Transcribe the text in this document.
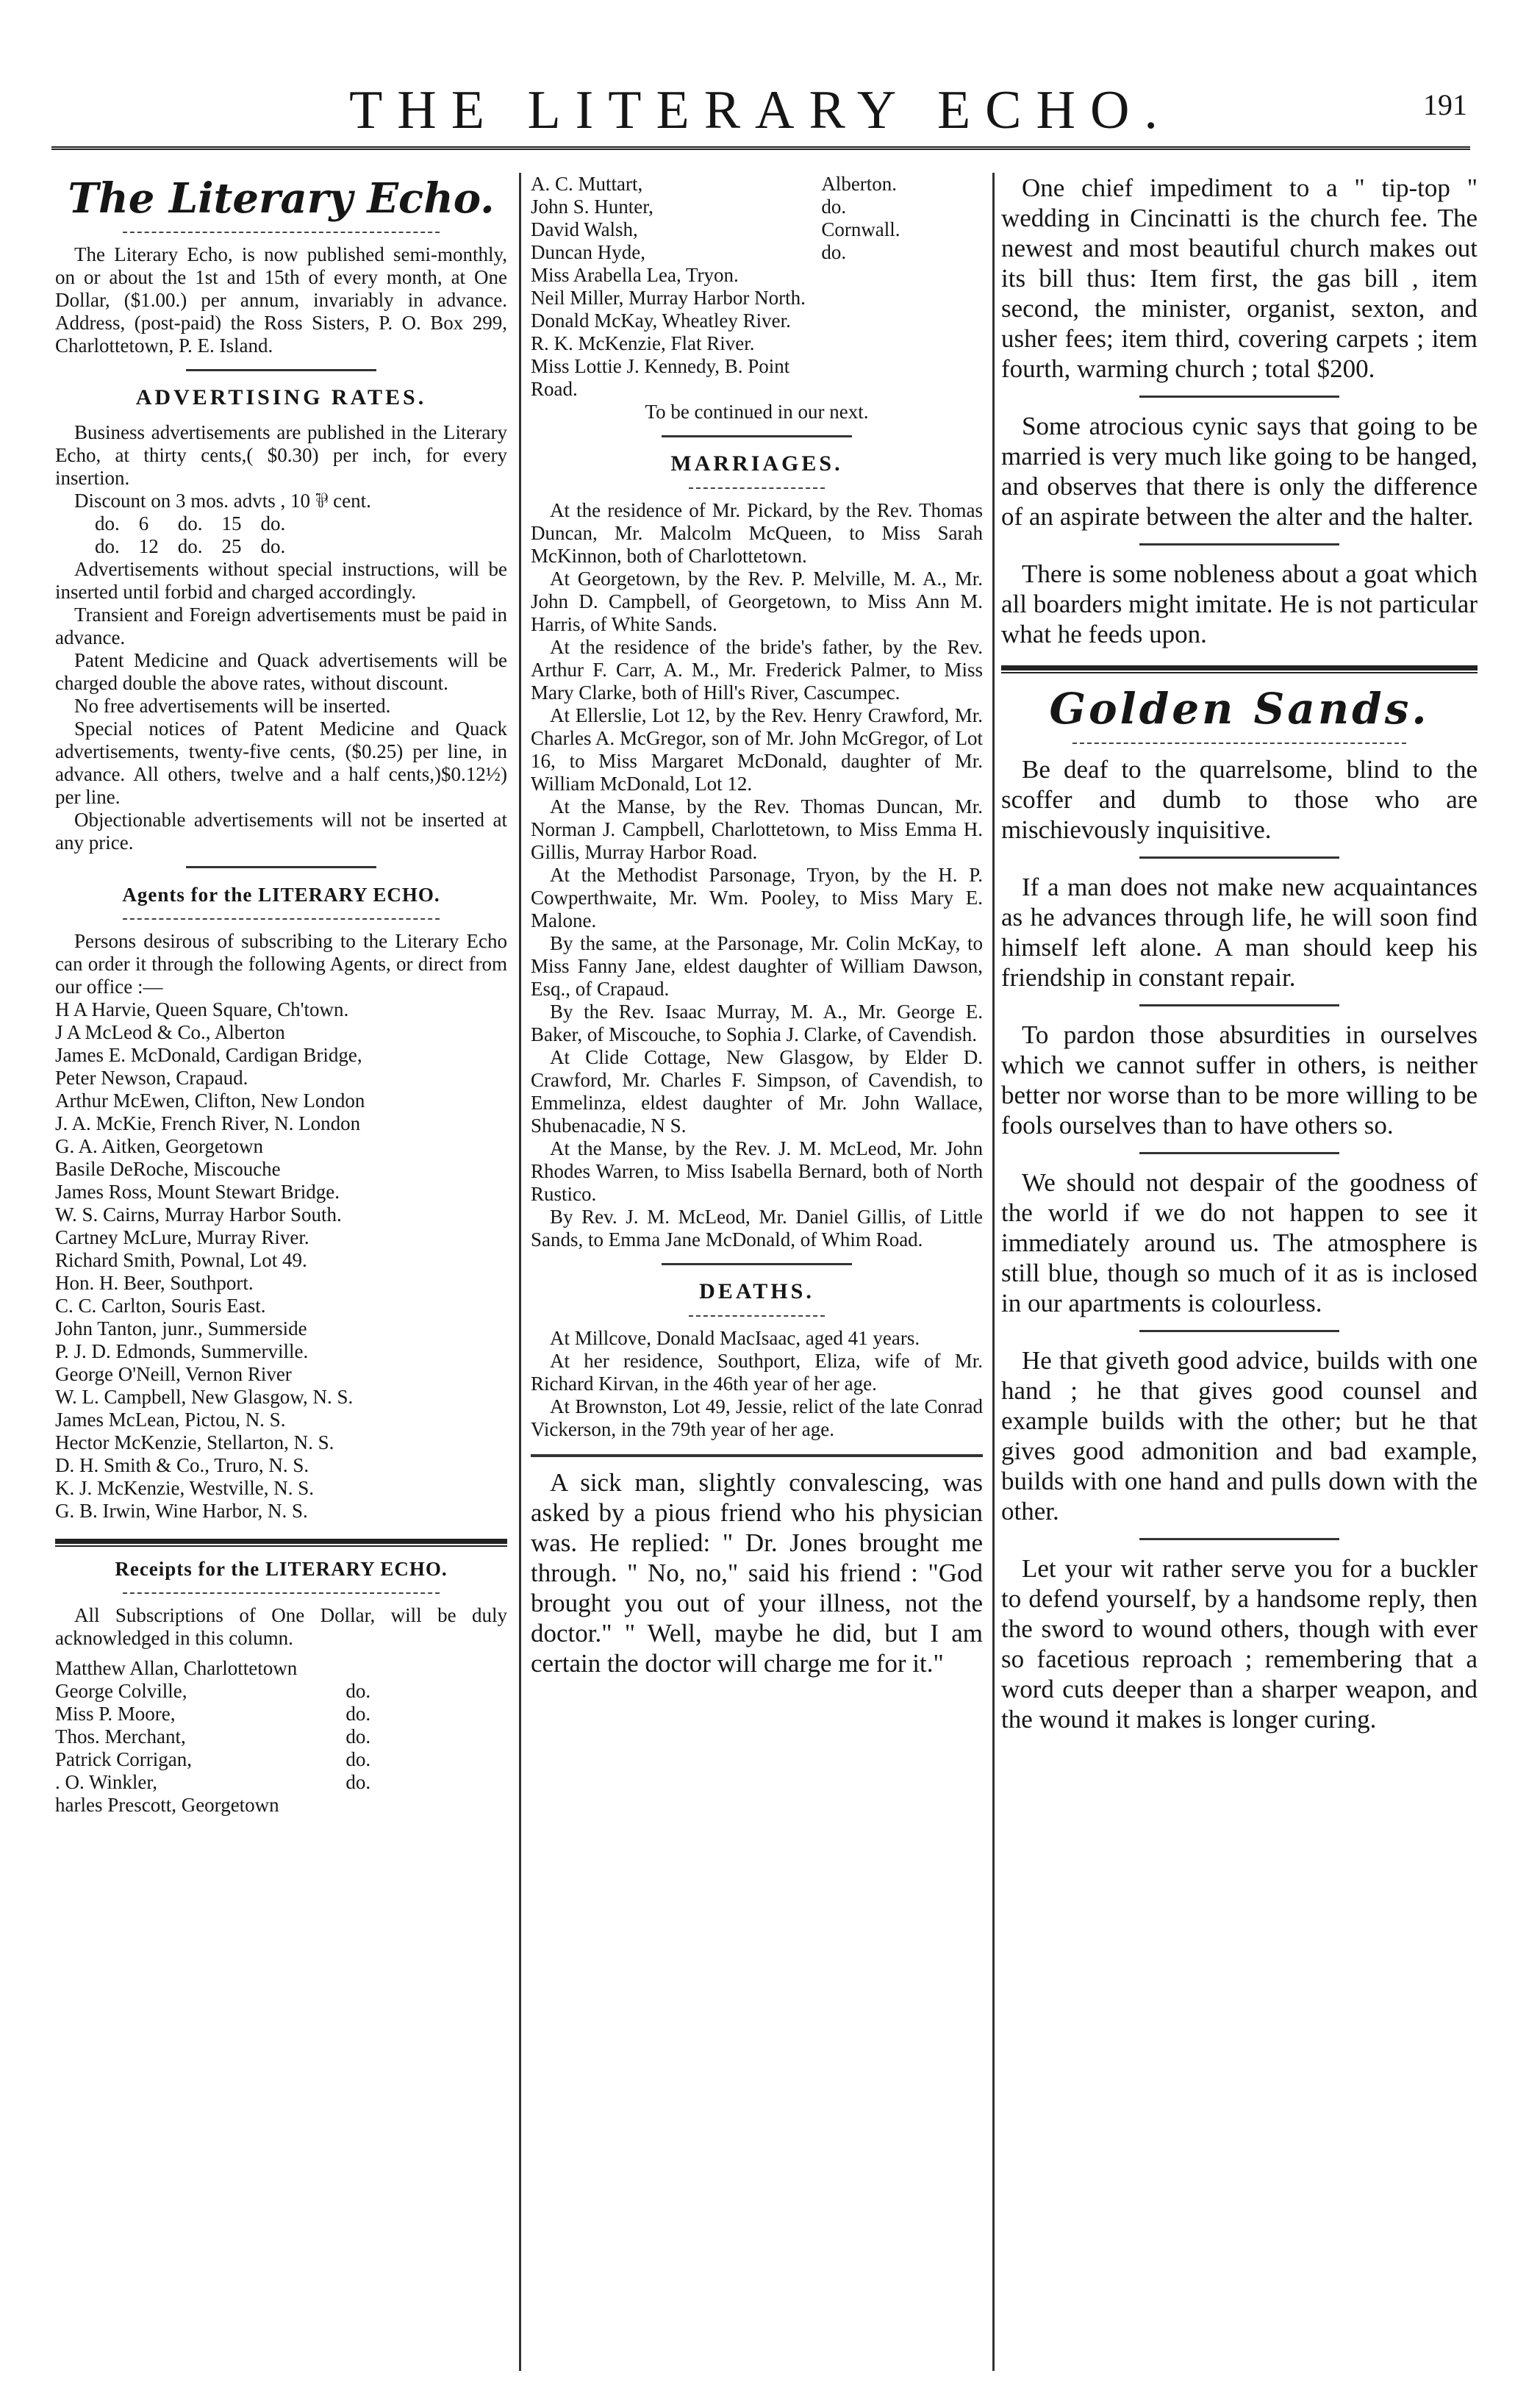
THE LITERARY ECHO.	191
The Literary Echo.

The Literary Echo, is now published semi-monthly, on or about the 1st and 15th of every month, at One Dollar, ($1.00.) per annum, invariably in advance. Address, (post-paid) the Ross Sisters, P. O. Box 299, Charlottetown, P. E. Island.

ADVERTISING RATES.

Business advertisements are published in the Literary Echo, at thirty cents,( $0.30) per inch, for every insertion.

Discount on 3 mos. advts , 10 ⅌ cent.

do.	6	do.	15	do.
do.	12	do.	25	do.

Advertisements without special instructions, will be inserted until forbid and charged accordingly.

Transient and Foreign advertisements must be paid in advance.

Patent Medicine and Quack advertisements will be charged double the above rates, without discount.

No free advertisements will be inserted.

Special notices of Patent Medicine and Quack advertisements, twenty-five cents, ($0.25) per line, in advance. All others, twelve and a half cents,)$0.12½) per line.

Objectionable advertisements will not be inserted at any price.

Agents for the LITERARY ECHO.

Persons desirous of subscribing to the Literary Echo can order it through the following Agents, or direct from our office :—

H A Harvie, Queen Square, Ch'town.
J A McLeod & Co., Alberton
James E. McDonald, Cardigan Bridge,
Peter Newson, Crapaud.
Arthur McEwen, Clifton, New London
J. A. McKie, French River, N. London
G. A. Aitken, Georgetown
Basile DeRoche, Miscouche
James Ross, Mount Stewart Bridge.
W. S. Cairns, Murray Harbor South.
Cartney McLure, Murray River.
Richard Smith, Pownal, Lot 49.
Hon. H. Beer, Southport.
C. C. Carlton, Souris East.
John Tanton, junr., Summerside
P. J. D. Edmonds, Summerville.
George O'Neill, Vernon River
W. L. Campbell, New Glasgow, N. S.
James McLean, Pictou, N. S.
Hector McKenzie, Stellarton, N. S.
D. H. Smith & Co., Truro, N. S.
K. J. McKenzie, Westville, N. S.
G. B. Irwin, Wine Harbor, N. S.
Receipts for the LITERARY ECHO.

All Subscriptions of One Dollar, will be duly acknowledged in this column.

Matthew Allan, Charlottetown
George Colville,	do.
Miss P. Moore,	do.
Thos. Merchant,	do.
Patrick Corrigan,	do.
. O. Winkler,	do.
harles Prescott, Georgetown
A. C. Muttart,	Alberton.
John S. Hunter,	do.
David Walsh,	Cornwall.
Duncan Hyde,	do.
Miss Arabella Lea, Tryon.
Neil Miller, Murray Harbor North.
Donald McKay, Wheatley River.
R. K. McKenzie, Flat River.
Miss Lottie J. Kennedy, B. Point Road.

To be continued in our next.

MARRIAGES.

At the residence of Mr. Pickard, by the Rev. Thomas Duncan, Mr. Malcolm McQueen, to Miss Sarah McKinnon, both of Charlottetown.

At Georgetown, by the Rev. P. Melville, M. A., Mr. John D. Campbell, of Georgetown, to Miss Ann M. Harris, of White Sands.

At the residence of the bride's father, by the Rev. Arthur F. Carr, A. M., Mr. Frederick Palmer, to Miss Mary Clarke, both of Hill's River, Cascumpec.

At Ellerslie, Lot 12, by the Rev. Henry Crawford, Mr. Charles A. McGregor, son of Mr. John McGregor, of Lot 16, to Miss Margaret McDonald, daughter of Mr. William McDonald, Lot 12.

At the Manse, by the Rev. Thomas Duncan, Mr. Norman J. Campbell, Charlottetown, to Miss Emma H. Gillis, Murray Harbor Road.

At the Methodist Parsonage, Tryon, by the H. P. Cowperthwaite, Mr. Wm. Pooley, to Miss Mary E. Malone.

By the same, at the Parsonage, Mr. Colin McKay, to Miss Fanny Jane, eldest daughter of William Dawson, Esq., of Crapaud.

By the Rev. Isaac Murray, M. A., Mr. George E. Baker, of Miscouche, to Sophia J. Clarke, of Cavendish.

At Clide Cottage, New Glasgow, by Elder D. Crawford, Mr. Charles F. Simpson, of Cavendish, to Emmelinza, eldest daughter of Mr. John Wallace, Shubenacadie, N S.

At the Manse, by the Rev. J. M. McLeod, Mr. John Rhodes Warren, to Miss Isabella Bernard, both of North Rustico.

By Rev. J. M. McLeod, Mr. Daniel Gillis, of Little Sands, to Emma Jane McDonald, of Whim Road.

DEATHS.

At Millcove, Donald MacIsaac, aged 41 years.

At her residence, Southport, Eliza, wife of Mr. Richard Kirvan, in the 46th year of her age.

At Brownston, Lot 49, Jessie, relict of the late Conrad Vickerson, in the 79th year of her age.

A sick man, slightly convalescing, was asked by a pious friend who his physician was. He replied: " Dr. Jones brought me through. " No, no," said his friend : "God brought you out of your illness, not the doctor." " Well, maybe he did, but I am certain the doctor will charge me for it."

One chief impediment to a " tip-top " wedding in Cincinatti is the church fee. The newest and most beautiful church makes out its bill thus: Item first, the gas bill , item second, the minister, organist, sexton, and usher fees; item third, covering carpets ; item fourth, warming church ; total $200.

Some atrocious cynic says that going to be married is very much like going to be hanged, and observes that there is only the difference of an aspirate between the alter and the halter.

There is some nobleness about a goat which all boarders might imitate. He is not particular what he feeds upon.

Golden Sands.

Be deaf to the quarrelsome, blind to the scoffer and dumb to those who are mischievously inquisitive.

If a man does not make new acquaintances as he advances through life, he will soon find himself left alone. A man should keep his friendship in constant repair.

To pardon those absurdities in ourselves which we cannot suffer in others, is neither better nor worse than to be more willing to be fools ourselves than to have others so.

We should not despair of the goodness of the world if we do not happen to see it immediately around us. The atmosphere is still blue, though so much of it as is inclosed in our apartments is colourless.

He that giveth good advice, builds with one hand ; he that gives good counsel and example builds with the other; but he that gives good admonition and bad example, builds with one hand and pulls down with the other.

Let your wit rather serve you for a buckler to defend yourself, by a handsome reply, then the sword to wound others, though with ever so facetious reproach ; remembering that a word cuts deeper than a sharper weapon, and the wound it makes is longer curing.
